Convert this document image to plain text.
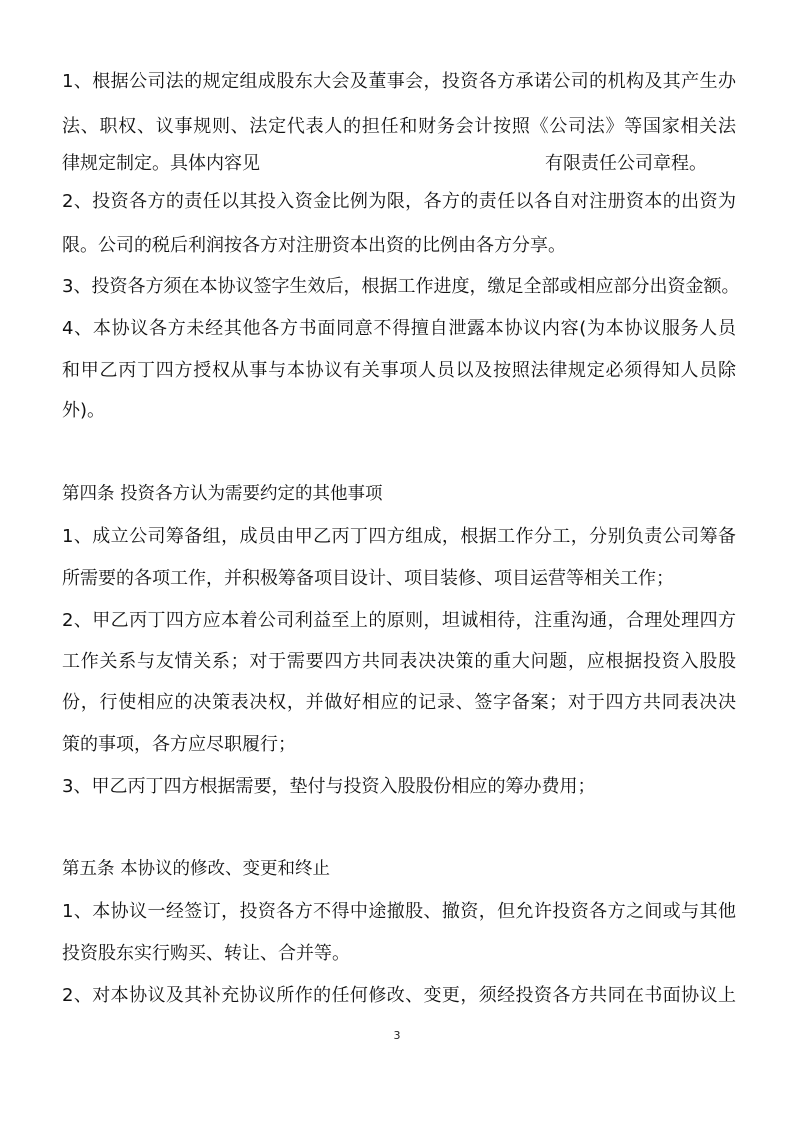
1、根据公司法的规定组成股东大会及董事会，投资各方承诺公司的机构及其产生办
法、职权、议事规则、法定代表人的担任和财务会计按照《公司法》等国家相关法
律规定制定。具体内容见	有限责任公司章程。
2、投资各方的责任以其投入资金比例为限，各方的责任以各自对注册资本的出资为
限。公司的税后利润按各方对注册资本出资的比例由各方分享。
3、投资各方须在本协议签字生效后，根据工作进度，缴足全部或相应部分出资金额。
4、本协议各方未经其他各方书面同意不得擅自泄露本协议内容(为本协议服务人员
和甲乙丙丁四方授权从事与本协议有关事项人员以及按照法律规定必须得知人员除
外)。
第四条 投资各方认为需要约定的其他事项
1、成立公司筹备组，成员由甲乙丙丁四方组成，根据工作分工，分别负责公司筹备
所需要的各项工作，并积极筹备项目设计、项目装修、项目运营等相关工作；
2、甲乙丙丁四方应本着公司利益至上的原则，坦诚相待，注重沟通，合理处理四方
工作关系与友情关系；对于需要四方共同表决决策的重大问题，应根据投资入股股
份，行使相应的决策表决权，并做好相应的记录、签字备案；对于四方共同表决决
策的事项，各方应尽职履行；
3、甲乙丙丁四方根据需要，垫付与投资入股股份相应的筹办费用；
第五条 本协议的修改、变更和终止
1、本协议一经签订，投资各方不得中途撤股、撤资，但允许投资各方之间或与其他
投资股东实行购买、转让、合并等。
2、对本协议及其补充协议所作的任何修改、变更，须经投资各方共同在书面协议上
3
